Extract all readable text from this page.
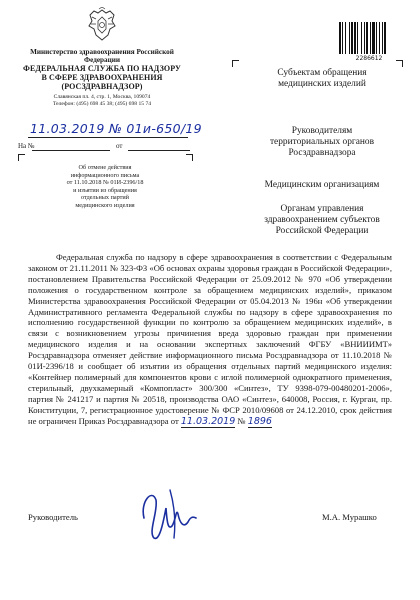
Министерство здравоохранения Российской Федерации
ФЕДЕРАЛЬНАЯ СЛУЖБА ПО НАДЗОРУ
В СФЕРЕ ЗДРАВООХРАНЕНИЯ
(РОСЗДРАВНАДЗОР)
Славянская пл. 4, стр. 1, Москва, 109074
Телефон: (495) 698 45 38; (495) 698 15 74
11.03.2019 № 01и-650/19
На №	от
Об отмене действия
информационного письма
от 11.10.2018 № 01И-2396/18
и изъятии из обращения
отдельных партий
медицинского изделия
2286612
Субъектам обращения
медицинских изделий
Руководителям
территориальных органов
Росздравнадзора
Медицинским организациям
Органам управления
здравоохранением субъектов
Российской Федерации
Федеральная служба по надзору в сфере здравоохранения в соответствии с Федеральным законом от 21.11.2011 № 323-ФЗ «Об основах охраны здоровья граждан в Российской Федерации», постановлением Правительства Российской Федерации от 25.09.2012 № 970 «Об утверждении положения о государственном контроле за обращением медицинских изделий», приказом Министерства здравоохранения Российской Федерации от 05.04.2013 № 196н «Об утверждении Административного регламента Федеральной службы по надзору в сфере здравоохранения по исполнению государственной функции по контролю за обращением медицинских изделий», в связи с возникновением угрозы причинения вреда здоровью граждан при применении медицинского изделия и на основании экспертных заключений ФГБУ «ВНИИИМТ» Росздравнадзора отменяет действие информационного письма Росздравнадзора от 11.10.2018 № 01И-2396/18 и сообщает об изъятии из обращения отдельных партий медицинского изделия: «Контейнер полимерный для компонентов крови с иглой полимерной однократного применения, стерильный, двухкамерный «Компопласт» 300/300 «Синтез», ТУ 9398-079-00480201-2006», партия № 241217 и партия № 20518, производства ОАО «Синтез», 640008, Россия, г. Курган, пр. Конституции, 7, регистрационное удостоверение № ФСР 2010/09608 от 24.12.2010, срок действия не ограничен Приказ Росздравнадзора от 11.03.2019 № 1896
Руководитель	М.А. Мурашко
